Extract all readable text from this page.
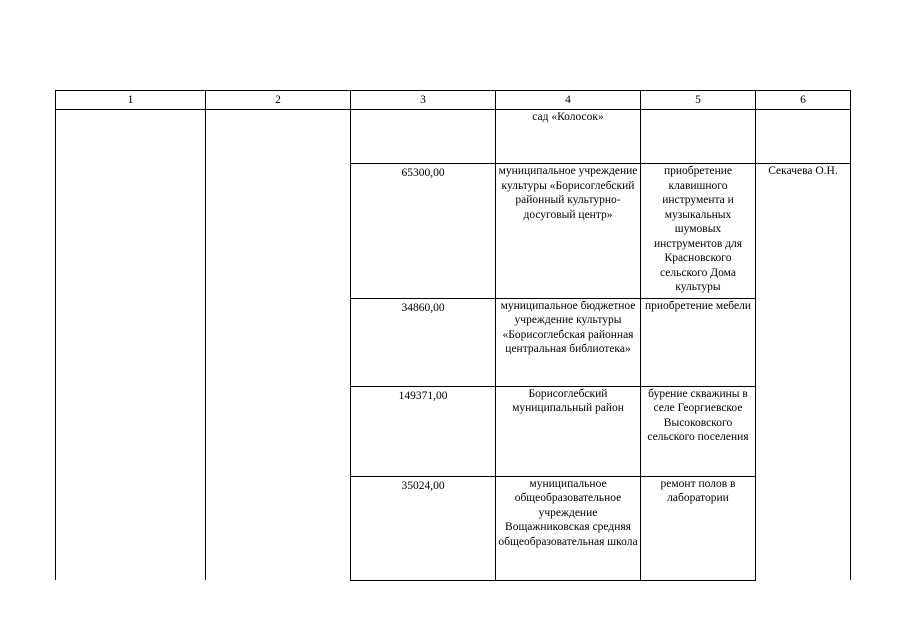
1	2	3	4	5	6
			сад «Колосок»		
		65300,00	муниципальное учреждение культуры «Борисоглебский районный культурно-досуговый центр»	приобретение клавишного инструмента и музыкальных шумовых инструментов для Красновского сельского Дома культуры	Секачева О.Н.
		34860,00	муниципальное бюджетное учреждение культуры «Борисоглебская районная центральная библиотека»	приобретение мебели	
		149371,00	Борисоглебский муниципальный район	бурение скважины в селе Георгиевское Высоковского сельского поселения	
		35024,00	муниципальное общеобразовательное учреждение Вощажниковская средняя общеобразовательная школа	ремонт полов в лаборатории	
